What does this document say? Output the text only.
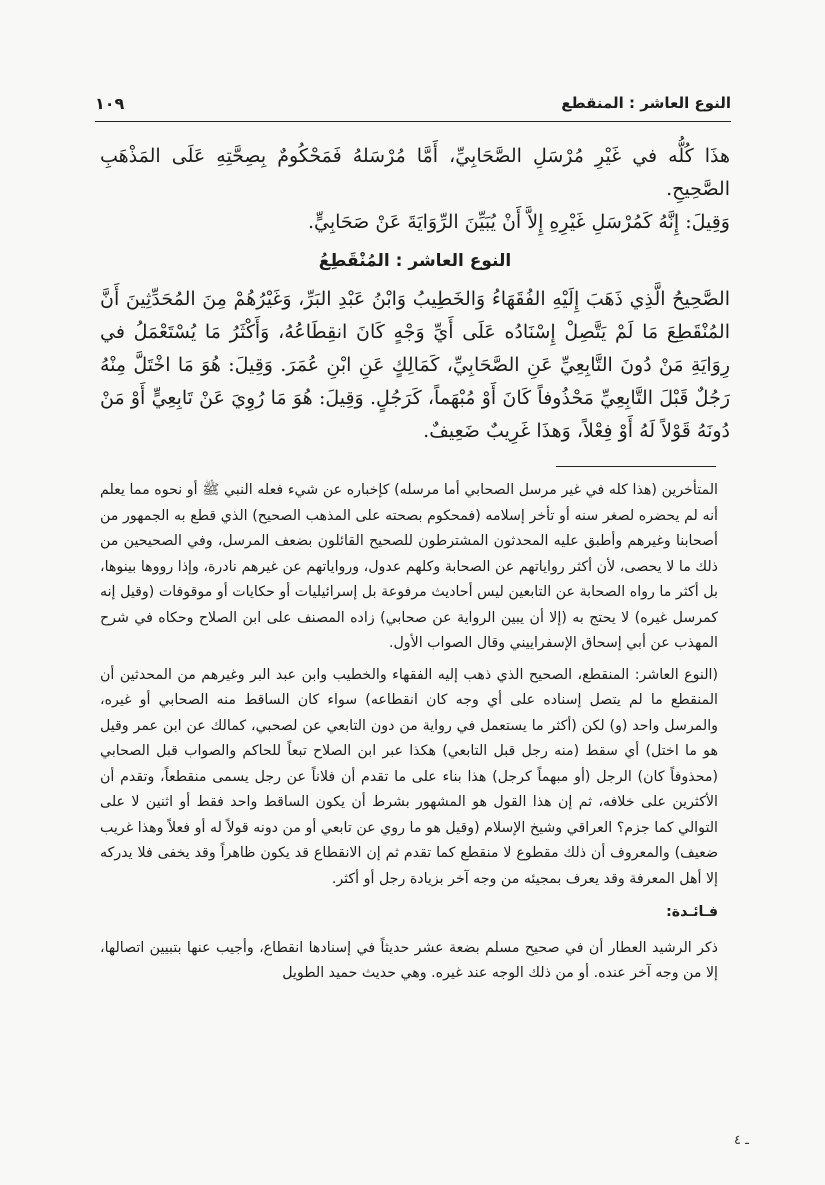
النوع العاشر : المنقطع
١٠٩

هذَا كُلُّه في غَيْرِ مُرْسَلِ الصَّحَابِيِّ، أَمَّا مُرْسَلهُ فَمَحْكُومٌ بِصِحَّتِهِ عَلَى المَذْهَبِ الصَّحِيحِ.

وَقِيلَ: إِنَّهُ كَمُرْسَلِ غَيْرِهِ إِلاَّ أَنْ يُبَيِّنَ الرِّوَايَةَ عَنْ صَحَابِيٍّ.

النوع العاشر : المُنْقَطِعُ

الصَّحِيحُ الَّذِي ذَهَبَ إِلَيْهِ الفُقَهَاءُ وَالخَطِيبُ وَابْنُ عَبْدِ البَرِّ، وَغَيْرُهُمْ مِنَ المُحَدِّثِينَ أَنَّ المُنْقَطِعَ مَا لَمْ يَتَّصِلْ إِسْنَادُه عَلَى أَيِّ وَجْهٍ كَانَ انقِطَاعُهُ، وَأَكْثَرُ مَا يُسْتَعْمَلُ في رِوَايَةِ مَنْ دُونَ التَّابِعِيِّ عَنِ الصَّحَابِيِّ، كَمَالِكٍ عَنِ ابْنِ عُمَرَ. وَقِيلَ: هُوَ مَا اخْتَلَّ مِنْهُ رَجُلٌ قَبْلَ التَّابِعِيِّ مَحْذُوفاً كَانَ أَوْ مُبْهَماً، كَرَجُلٍ. وَقِيلَ: هُوَ مَا رُوِيَ عَنْ تَابِعِيٍّ أَوْ مَنْ دُونَهُ قَوْلاً لَهُ أَوْ فِعْلاً، وَهذَا غَرِيبٌ ضَعِيفٌ.

المتأخرين (هذا كله في غير مرسل الصحابي أما مرسله) كإخباره عن شيء فعله النبي ﷺ أو نحوه مما يعلم أنه لم يحضره لصغر سنه أو تأخر إسلامه (فمحكوم بصحته على المذهب الصحيح) الذي قطع به الجمهور من أصحابنا وغيرهم وأطبق عليه المحدثون المشترطون للصحيح القائلون بضعف المرسل، وفي الصحيحين من ذلك ما لا يحصى، لأن أكثر رواياتهم عن الصحابة وكلهم عدول، ورواياتهم عن غيرهم نادرة، وإذا رووها بينوها، بل أكثر ما رواه الصحابة عن التابعين ليس أحاديث مرفوعة بل إسرائيليات أو حكايات أو موقوفات (وقيل إنه كمرسل غيره) لا يحتج به (إلا أن يبين الرواية عن صحابي) زاده المصنف على ابن الصلاح وحكاه في شرح المهذب عن أبي إسحاق الإسفراييني وقال الصواب الأول.

(النوع العاشر: المنقطع، الصحيح الذي ذهب إليه الفقهاء والخطيب وابن عبد البر وغيرهم من المحدثين أن المنقطع ما لم يتصل إسناده على أي وجه كان انقطاعه) سواء كان الساقط منه الصحابي أو غيره، والمرسل واحد (و) لكن (أكثر ما يستعمل في رواية من دون التابعي عن لصحبي، كمالك عن ابن عمر وقيل هو ما اختل) أي سقط (منه رجل قبل التابعي) هكذا عبر ابن الصلاح تبعاً للحاكم والصواب قبل الصحابي (محذوفاً كان) الرجل (أو مبهماً كرجل) هذا بناء على ما تقدم أن فلاناً عن رجل يسمى منقطعاً، وتقدم أن الأكثرين على خلافه، ثم إن هذا القول هو المشهور بشرط أن يكون الساقط واحد فقط أو اثنين لا على التوالي كما جزم؟ العراقي وشيخ الإسلام (وقيل هو ما روي عن تابعي أو من دونه قولاً له أو فعلاً وهذا غريب ضعيف) والمعروف أن ذلك مقطوع لا منقطع كما تقدم ثم إن الانقطاع قد يكون ظاهراً وقد يخفى فلا يدركه إلا أهل المعرفة وقد يعرف بمجيئه من وجه آخر بزيادة رجل أو أكثر.

فـائـدة:

ذكر الرشيد العطار أن في صحيح مسلم بضعة عشر حديثاً في إسنادها انقطاع، وأجيب عنها بتبيين اتصالها، إلا من وجه آخر عنده. أو من ذلك الوجه عند غيره. وهي حديث حميد الطويل

ـ ٤
